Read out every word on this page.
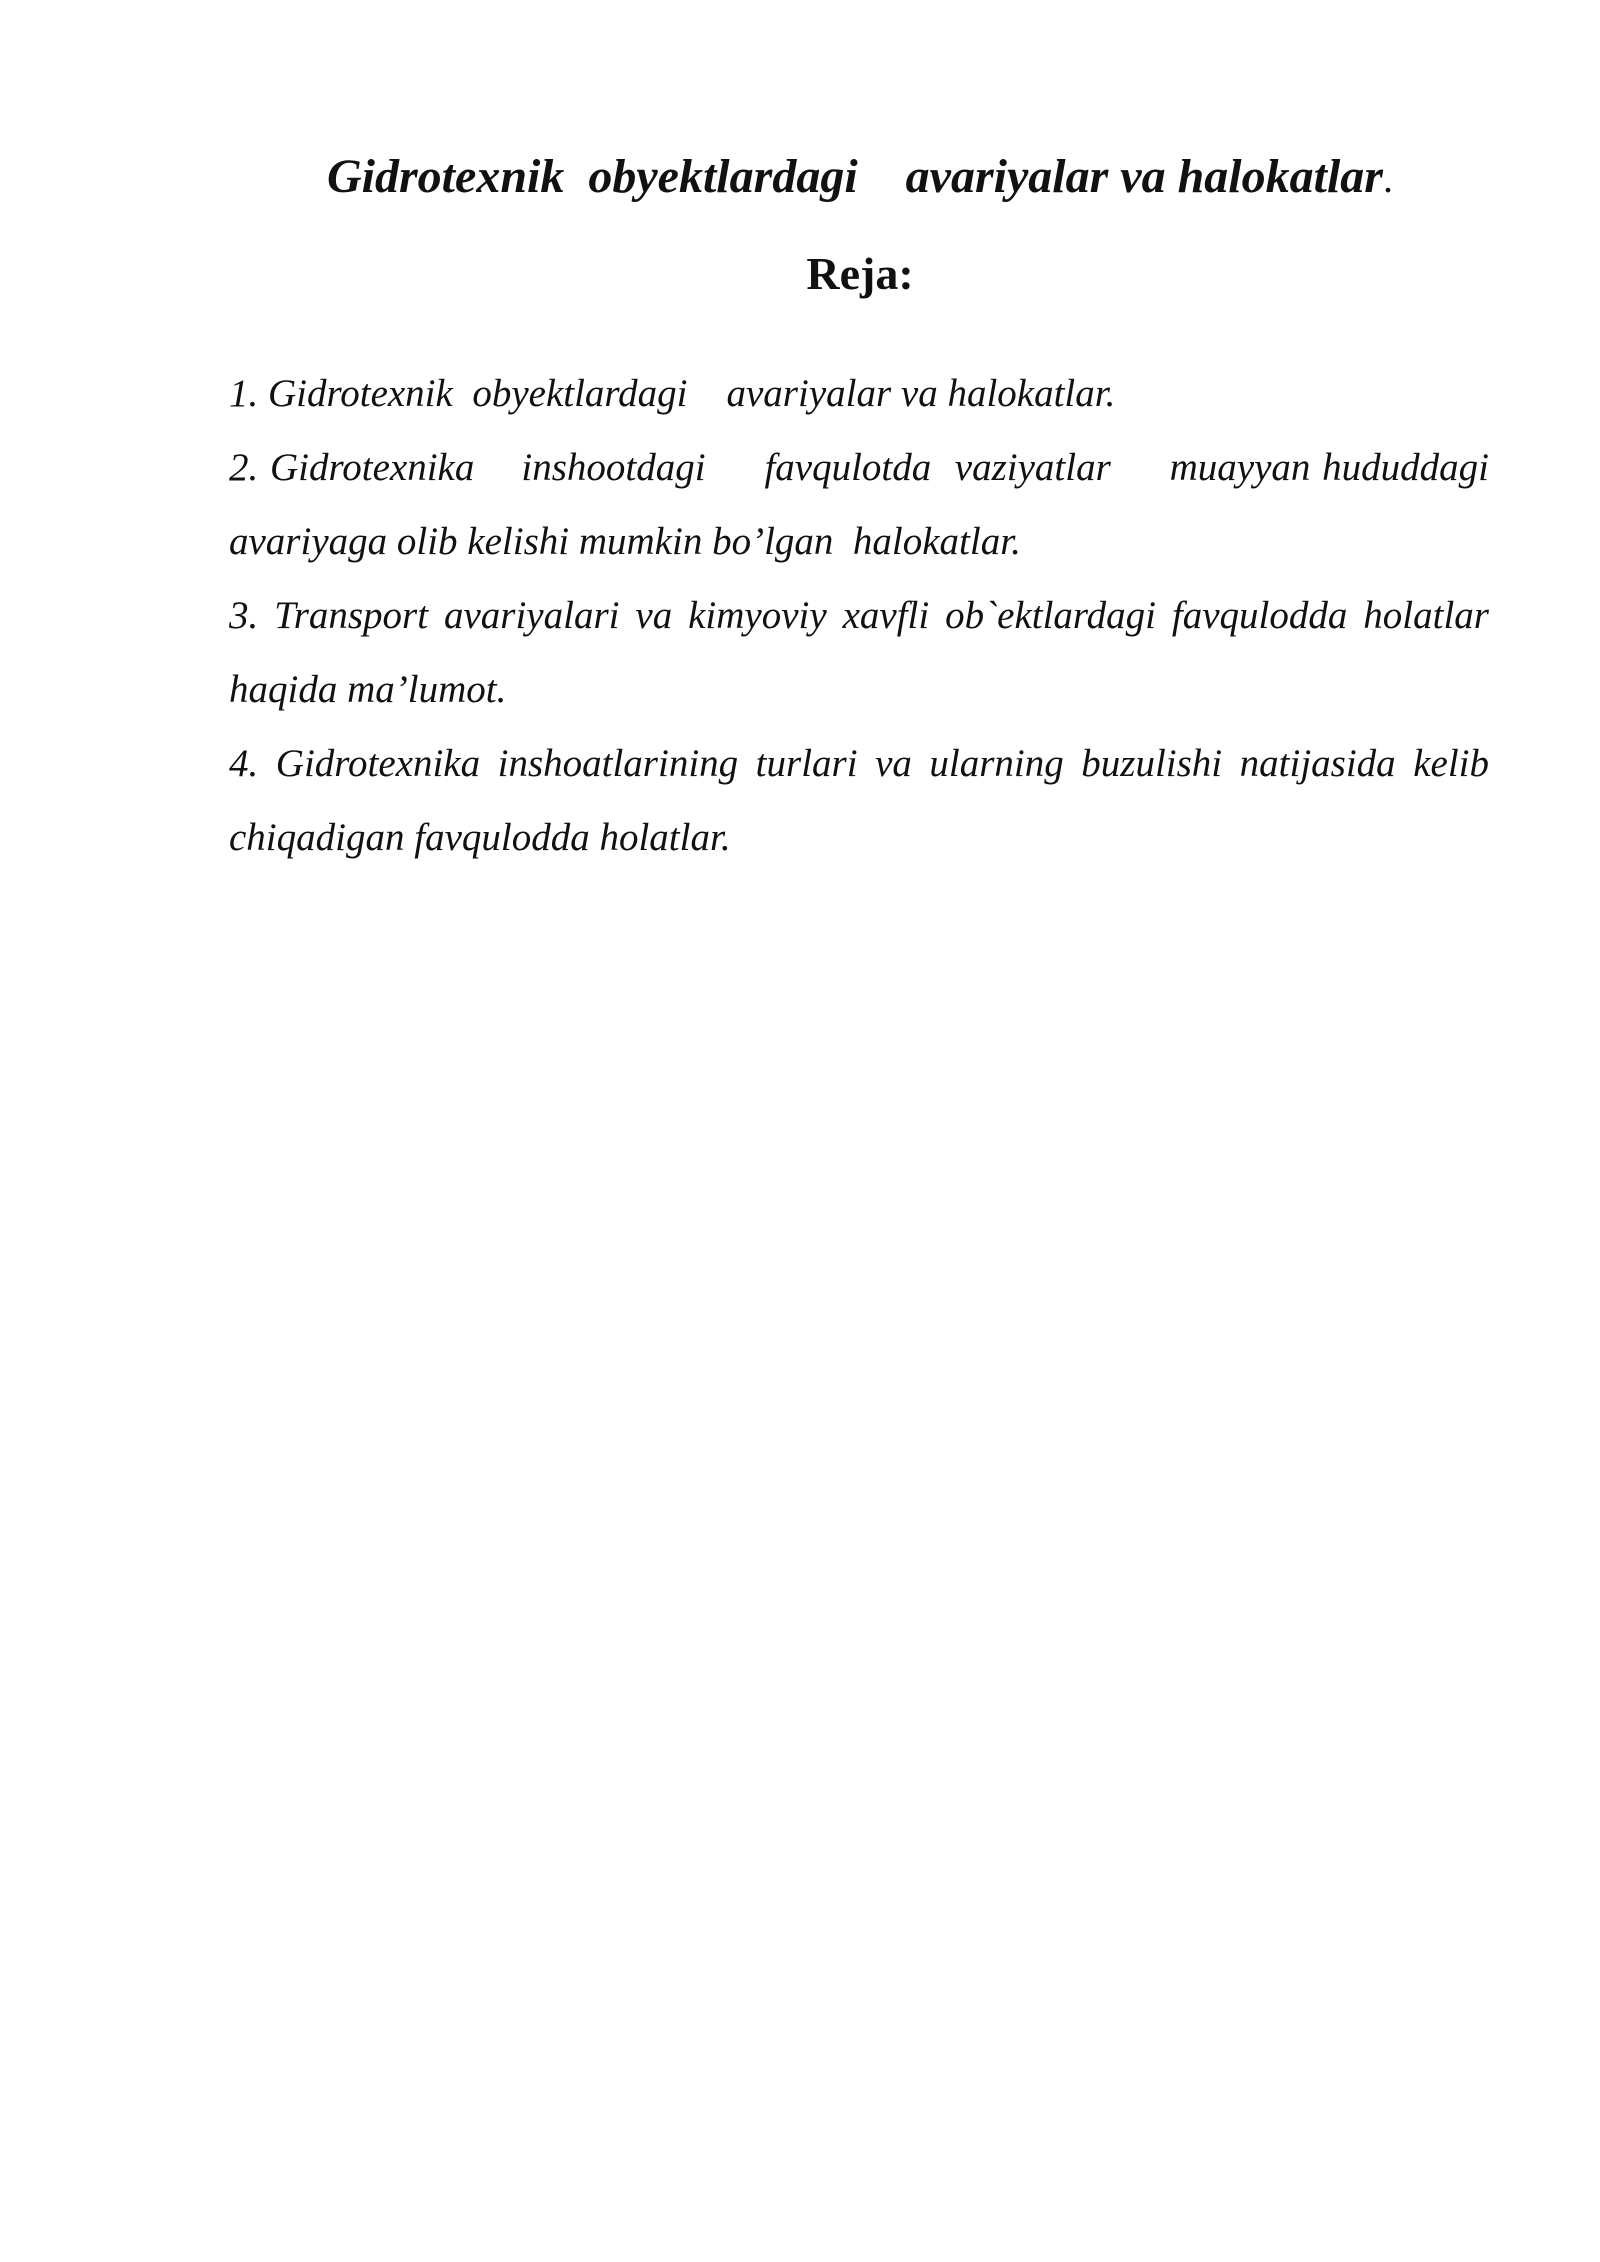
Gidrotexnik  obyektlardagi    avariyalar va halokatlar.
Reja:
1. Gidrotexnik  obyektlardagi    avariyalar va halokatlar.
2. Gidrotexnika    inshootdagi     favqulotda  vaziyatlar     muayyan hududdagi avariyaga olib kelishi mumkin bo’lgan  halokatlar.
3. Transport avariyalari va kimyoviy xavfli ob`ektlardagi favqulodda holatlar haqida ma’lumot.
4. Gidrotexnika inshoatlarining turlari va ularning buzulishi natijasida kelib chiqadigan favqulodda holatlar.
